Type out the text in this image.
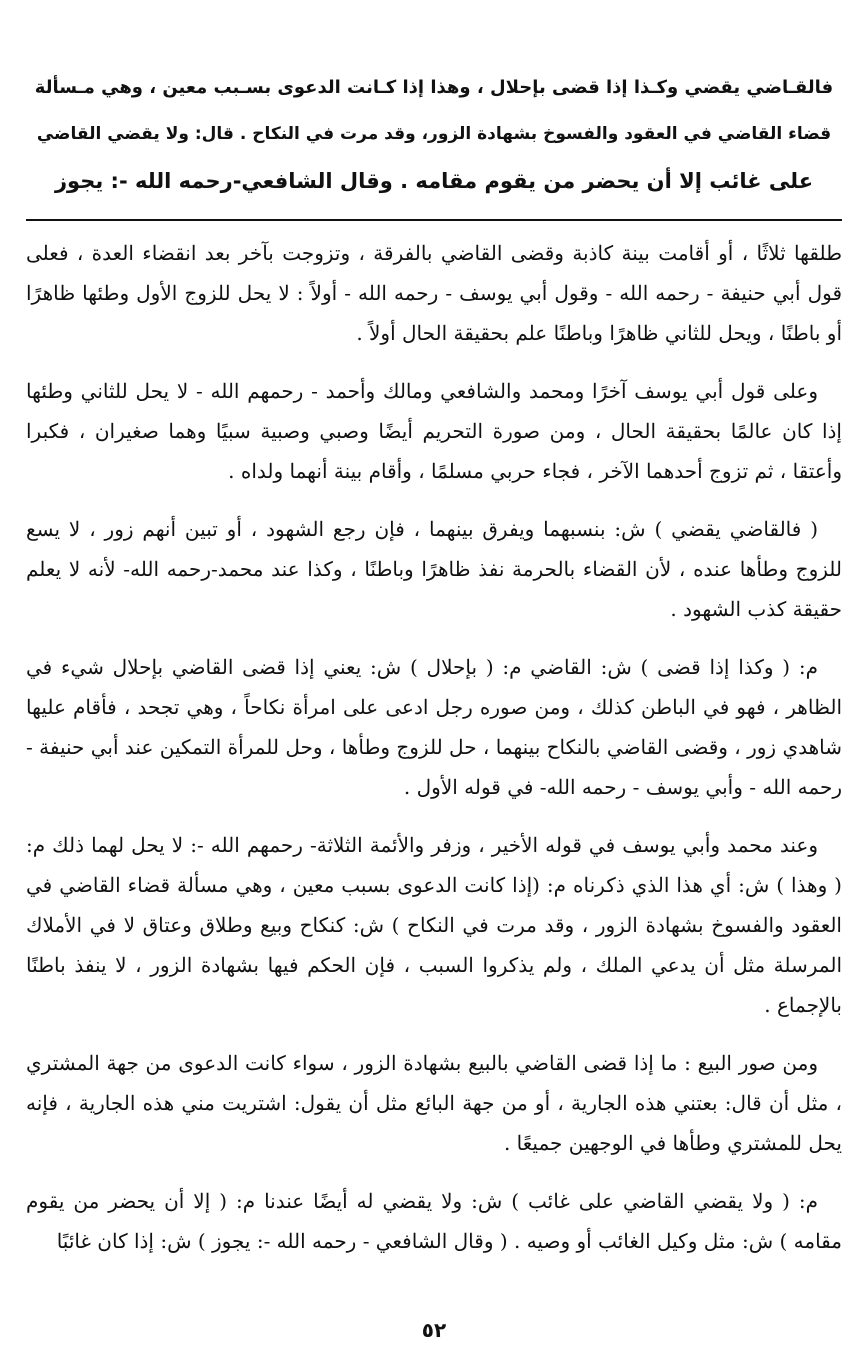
فالقـاضي يقضي وكـذا إذا قضى بإحلال ، وهذا إذا كـانت الدعوى بسـبب معين ، وهي مـسألة
قضاء القاضي في العقود والفسوخ بشهادة الزور، وقد مرت في النكاح . قال: ولا يقضي القاضي
على غائب إلا أن يحضر من يقوم مقامه . وقال الشافعي-رحمه الله -: يجوز

طلقها ثلاثًا ، أو أقامت بينة كاذبة وقضى القاضي بالفرقة ، وتزوجت بآخر بعد انقضاء العدة ، فعلى قول أبي حنيفة - رحمه الله - وقول أبي يوسف - رحمه الله - أولاً : لا يحل للزوج الأول وطئها ظاهرًا أو باطنًا ، ويحل للثاني ظاهرًا وباطنًا علم بحقيقة الحال أولاً .

وعلى قول أبي يوسف آخرًا ومحمد والشافعي ومالك وأحمد - رحمهم الله - لا يحل للثاني وطئها إذا كان عالمًا بحقيقة الحال ، ومن صورة التحريم أيضًا وصبي وصبية سبيًا وهما صغيران ، فكبرا وأعتقا ، ثم تزوج أحدهما الآخر ، فجاء حربي مسلمًا ، وأقام بينة أنهما ولداه .

( فالقاضي يقضي ) ش: بنسبهما ويفرق بينهما ، فإن رجع الشهود ، أو تبين أنهم زور ، لا يسع للزوج وطأها عنده ، لأن القضاء بالحرمة نفذ ظاهرًا وباطنًا ، وكذا عند محمد-رحمه الله- لأنه لا يعلم حقيقة كذب الشهود .

م: ( وكذا إذا قضى ) ش: القاضي م: ( بإحلال ) ش: يعني إذا قضى القاضي بإحلال شيء في الظاهر ، فهو في الباطن كذلك ، ومن صوره رجل ادعى على امرأة نكاحاً ، وهي تجحد ، فأقام عليها شاهدي زور ، وقضى القاضي بالنكاح بينهما ، حل للزوج وطأها ، وحل للمرأة التمكين عند أبي حنيفة - رحمه الله - وأبي يوسف - رحمه الله- في قوله الأول .

وعند محمد وأبي يوسف في قوله الأخير ، وزفر والأئمة الثلاثة- رحمهم الله -: لا يحل لهما ذلك م: ( وهذا ) ش: أي هذا الذي ذكرناه م: (إذا كانت الدعوى بسبب معين ، وهي مسألة قضاء القاضي في العقود والفسوخ بشهادة الزور ، وقد مرت في النكاح ) ش: كنكاح وبيع وطلاق وعتاق لا في الأملاك المرسلة مثل أن يدعي الملك ، ولم يذكروا السبب ، فإن الحكم فيها بشهادة الزور ، لا ينفذ باطنًا بالإجماع .

ومن صور البيع : ما إذا قضى القاضي بالبيع بشهادة الزور ، سواء كانت الدعوى من جهة المشتري ، مثل أن قال: بعتني هذه الجارية ، أو من جهة البائع مثل أن يقول: اشتريت مني هذه الجارية ، فإنه يحل للمشتري وطأها في الوجهين جميعًا .

م: ( ولا يقضي القاضي على غائب ) ش: ولا يقضي له أيضًا عندنا م: ( إلا أن يحضر من يقوم مقامه ) ش: مثل وكيل الغائب أو وصيه . ( وقال الشافعي - رحمه الله -: يجوز ) ش: إذا كان غائبًا

٥٢
